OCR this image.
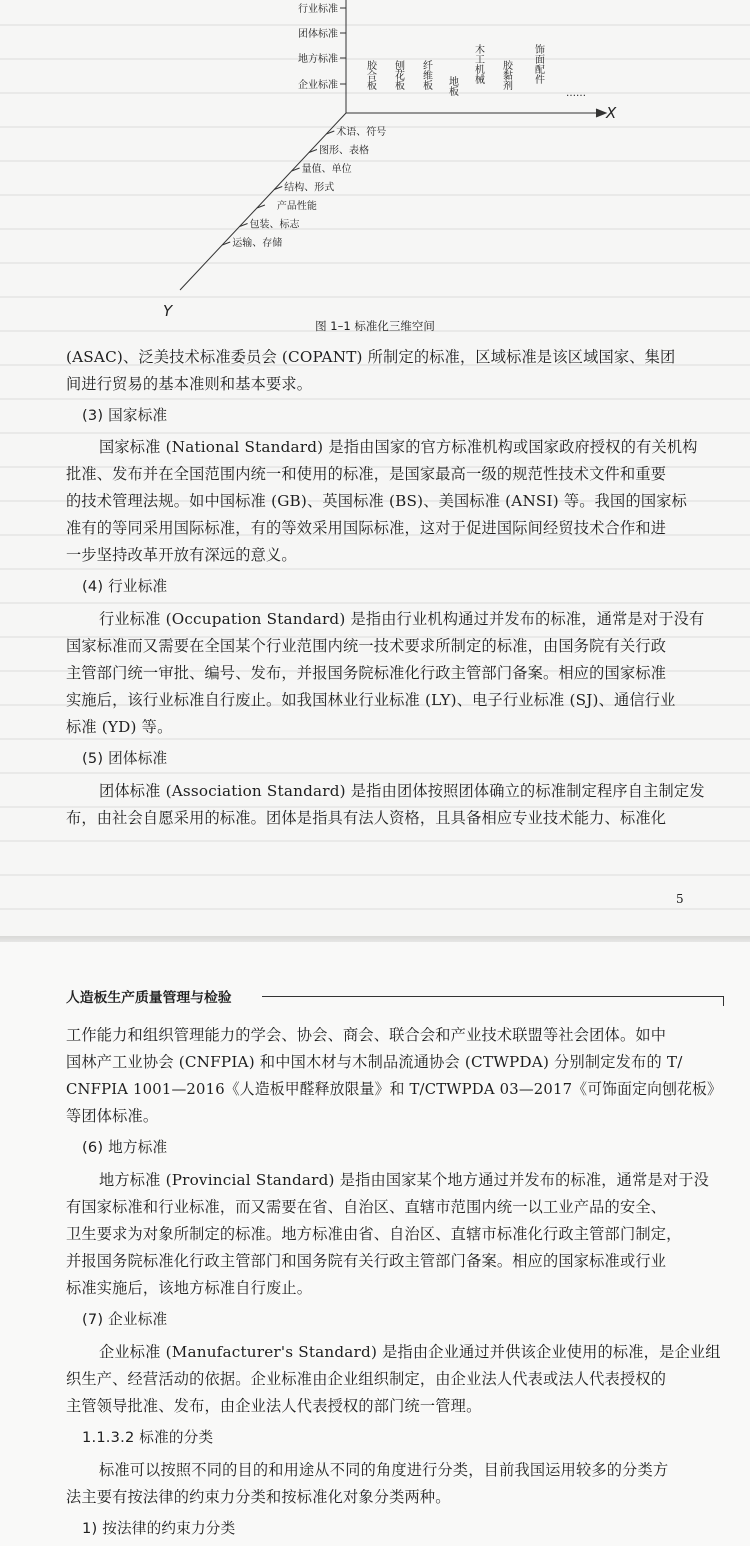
行业标准
团体标准
地方标准
企业标准	胶合板 刨花板 纤维板 地板
木工机械 胶黏剂 饰面配件
……
X
术语、符号
图形、表格
量值、单位
结构、形式
产品性能
包装、标志
运输、存储
Y
图 1–1 标准化三维空间
(ASAC)、泛美技术标准委员会 (COPANT) 所制定的标准，区域标准是该区域国家、集团
间进行贸易的基本准则和基本要求。
(3) 国家标准
国家标准 (National Standard) 是指由国家的官方标准机构或国家政府授权的有关机构
批准、发布并在全国范围内统一和使用的标准，是国家最高一级的规范性技术文件和重要
的技术管理法规。如中国标准 (GB)、英国标准 (BS)、美国标准 (ANSI) 等。我国的国家标
准有的等同采用国际标准，有的等效采用国际标准，这对于促进国际间经贸技术合作和进
一步坚持改革开放有深远的意义。
(4) 行业标准
行业标准 (Occupation Standard) 是指由行业机构通过并发布的标准，通常是对于没有
国家标准而又需要在全国某个行业范围内统一技术要求所制定的标准，由国务院有关行政
主管部门统一审批、编号、发布，并报国务院标准化行政主管部门备案。相应的国家标准
实施后，该行业标准自行废止。如我国林业行业标准 (LY)、电子行业标准 (SJ)、通信行业
标准 (YD) 等。
(5) 团体标准
团体标准 (Association Standard) 是指由团体按照团体确立的标准制定程序自主制定发
布，由社会自愿采用的标准。团体是指具有法人资格，且具备相应专业技术能力、标准化
5
人造板生产质量管理与检验
工作能力和组织管理能力的学会、协会、商会、联合会和产业技术联盟等社会团体。如中
国林产工业协会 (CNFPIA) 和中国木材与木制品流通协会 (CTWPDA) 分别制定发布的 T/
CNFPIA 1001—2016《人造板甲醛释放限量》和 T/CTWPDA 03—2017《可饰面定向刨花板》
等团体标准。
(6) 地方标准
地方标准 (Provincial Standard) 是指由国家某个地方通过并发布的标准，通常是对于没
有国家标准和行业标准，而又需要在省、自治区、直辖市范围内统一以工业产品的安全、
卫生要求为对象所制定的标准。地方标准由省、自治区、直辖市标准化行政主管部门制定，
并报国务院标准化行政主管部门和国务院有关行政主管部门备案。相应的国家标准或行业
标准实施后，该地方标准自行废止。
(7) 企业标准
企业标准 (Manufacturer's Standard) 是指由企业通过并供该企业使用的标准，是企业组
织生产、经营活动的依据。企业标准由企业组织制定，由企业法人代表或法人代表授权的
主管领导批准、发布，由企业法人代表授权的部门统一管理。
1.1.3.2 标准的分类
标准可以按照不同的目的和用途从不同的角度进行分类，目前我国运用较多的分类方
法主要有按法律的约束力分类和按标准化对象分类两种。
1) 按法律的约束力分类
